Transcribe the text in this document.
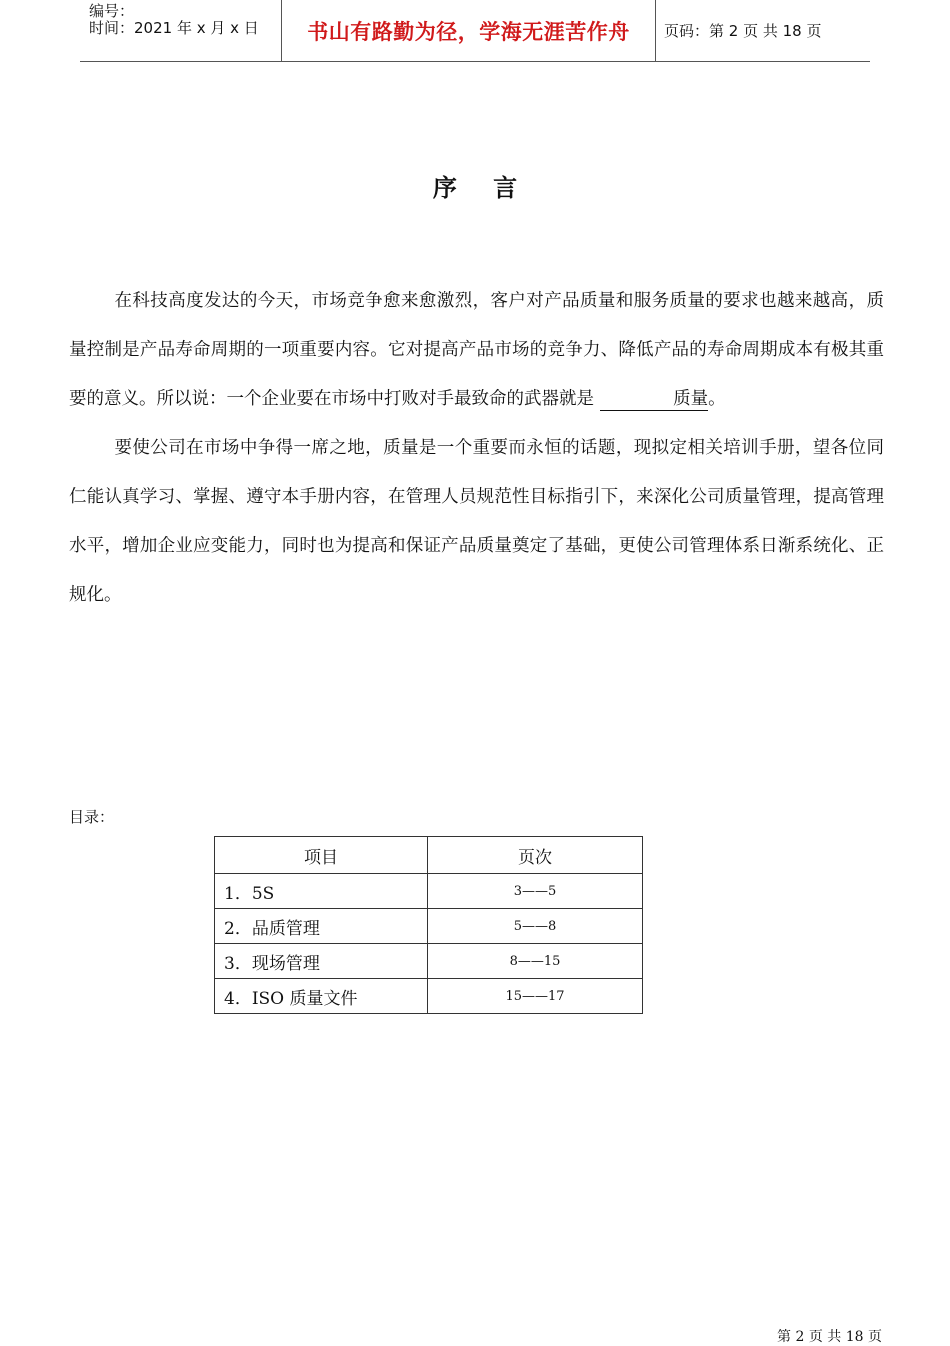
编号：
时间：2021 年 x 月 x 日	书山有路勤为径，学海无涯苦作舟 页码：第 2 页 共 18 页
序 言

在科技高度发达的今天，市场竞争愈来愈激烈，客户对产品质量和服务质量的要求也越来越高，质量控制是产品寿命周期的一项重要内容。它对提高产品市场的竞争力、降低产品的寿命周期成本有极其重要的意义。所以说：一个企业要在市场中打败对手最致命的武器就是	质量。

要使公司在市场中争得一席之地，质量是一个重要而永恒的话题，现拟定相关培训手册，望各位同仁能认真学习、掌握、遵守本手册内容，在管理人员规范性目标指引下，来深化公司质量管理，提高管理水平，增加企业应变能力，同时也为提高和保证产品质量奠定了基础，更使公司管理体系日渐系统化、正规化。

目录：
项目	页次
1．5S	3——5
2．品质管理	5——8
3．现场管理	8——15
4．ISO 质量文件	15——17
第 2 页 共 18 页
